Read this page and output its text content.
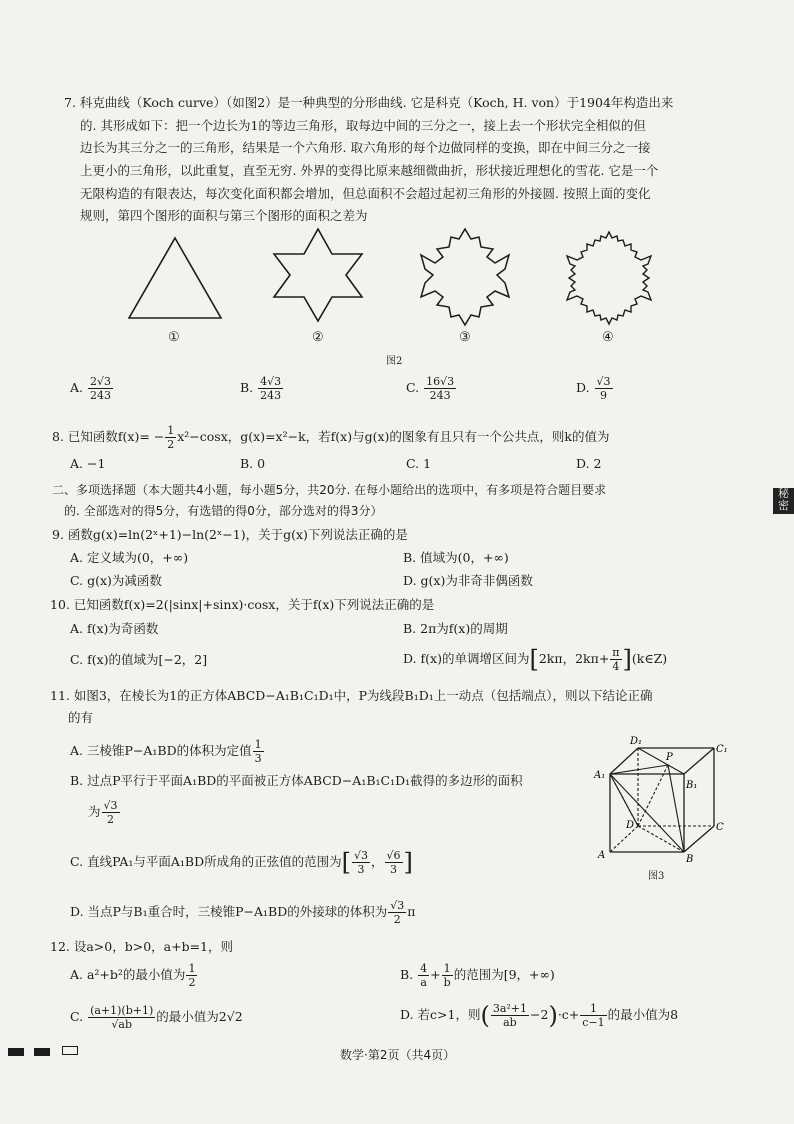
7. 科克曲线（Koch curve）（如图2）是一种典型的分形曲线. 它是科克（Koch, H. von）于1904年构造出来
的. 其形成如下：把一个边长为1的等边三角形，取每边中间的三分之一，接上去一个形状完全相似的但
边长为其三分之一的三角形，结果是一个六角形. 取六角形的每个边做同样的变换，即在中间三分之一接
上更小的三角形，以此重复，直至无穷. 外界的变得比原来越细微曲折，形状接近理想化的雪花. 它是一个
无限构造的有限表达，每次变化面积都会增加，但总面积不会超过起初三角形的外接圆. 按照上面的变化
规则，第四个图形的面积与第三个图形的面积之差为
①	②	③	④
图2
A. $\frac{2√3}{243}$	B. $\frac{4√3}{243}$	C. $\frac{16√3}{243}$	D. $\frac{√3}{9}$
8. 已知函数$f(x)= - \frac{1}{2} x^2-\cos x$，g(x)=x²−k，若f(x)与g(x)的图象有且只有一个公共点，则k的值为
A. −1	B. 0	C. 1	D. 2
二、多项选择题（本大题共4小题，每小题5分，共20分. 在每小题给出的选项中，有多项是符合题目要求
的. 全部选对的得5分，有选错的得0分，部分选对的得3分）
9. 函数g(x)=ln(2ˣ+1)−ln(2ˣ−1)，关于g(x)下列说法正确的是
A. 定义域为(0，+∞)	B. 值域为(0，+∞)
C. g(x)为减函数	D. g(x)为非奇非偶函数
10. 已知函数f(x)=2(|sinx|+sinx)·cosx，关于f(x)下列说法正确的是
A. f(x)为奇函数	B. 2π为f(x)的周期
C. f(x)的值域为[−2，2]	D. f(x)的单调增区间为[2kπ，$2k\pi+ \frac{\pi}{4}$ ](k∈Z)
11. 如图3，在棱长为1的正方体ABCD−A₁B₁C₁D₁中，P为线段B₁D₁上一动点（包括端点），则以下结论正确
的有
A. 三棱锥P−A₁BD的体积为定值 $\frac{1}{3}$
B. 过点P平行于平面A₁BD的平面被正方体ABCD−A₁B₁C₁D₁截得的多边形的面积
为 $\frac{√3}{2}$
C. 直线PA₁与平面A₁BD所成角的正弦值的范围为[ $\frac{√3}{3}$ ， $\frac{√6}{3}$ ]
D. 当点P与B₁重合时，三棱锥P−A₁BD的外接球的体积为 $\frac{√3}{2}$ π
D₁
C₁
A₁
B₁
P
D	C
A	B
图3
12. 设a>0，b>0，a+b=1，则
A. a²+b²的最小值为 $\frac{1}{2}$	B. $\frac{4}{a} + \frac{1}{b}$ 的范围为[9，+∞)
C. $\frac{(a+1)(b+1)}{√ab}$ 的最小值为2√2	D. 若c>1，则( $\frac{\text{3a²+1}}{ab} -2)\cdot c+ \frac{1}{c-1}$ 的最小值为8
秘密
数学·第2页（共4页）
